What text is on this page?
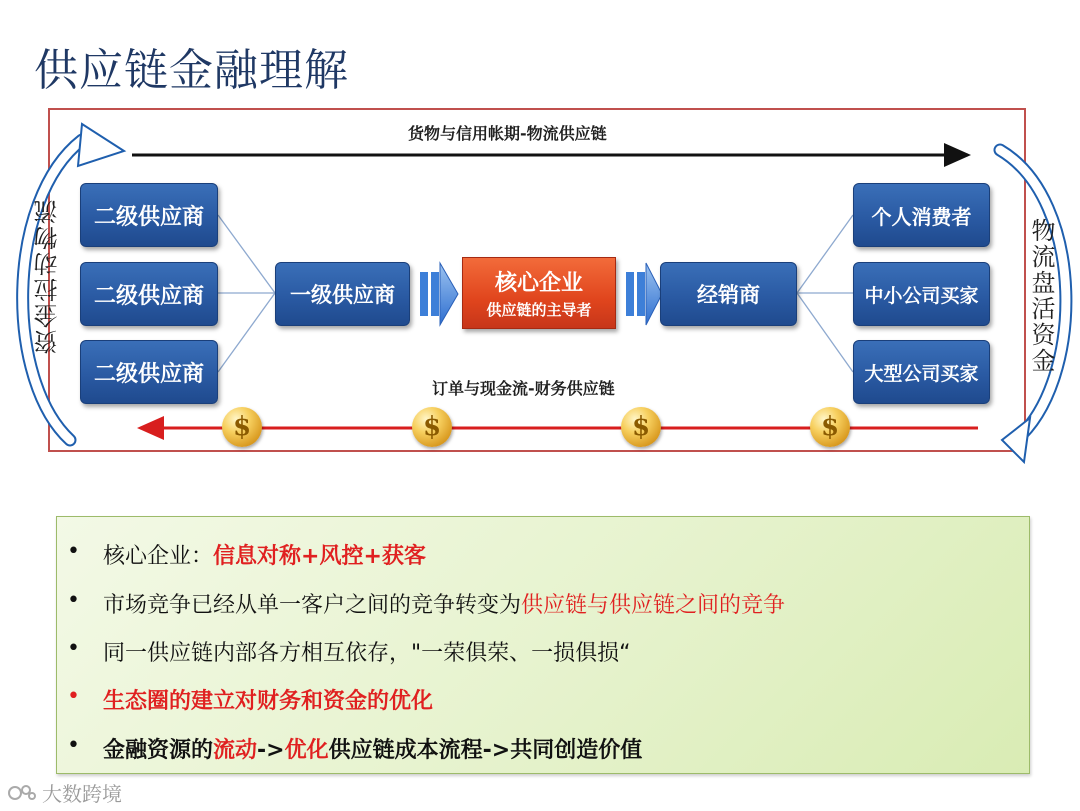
供应链金融理解
货物与信用帐期-物流供应链
订单与现金流-财务供应链
资金拉动物流	物流盘活资金
二级供应商
二级供应商
二级供应商
一级供应商	核心企业
供应链的主导者
经销商
个人消费者
中小公司买家
大型公司买家
$	$	$	$
• 核心企业：信息对称+风控+获客
• 市场竞争已经从单一客户之间的竞争转变为供应链与供应链之间的竞争
• 同一供应链内部各方相互依存，"一荣俱荣、一损俱损“
• 生态圈的建立对财务和资金的优化
• 金融资源的流动->优化供应链成本流程->共同创造价值
大数跨境
